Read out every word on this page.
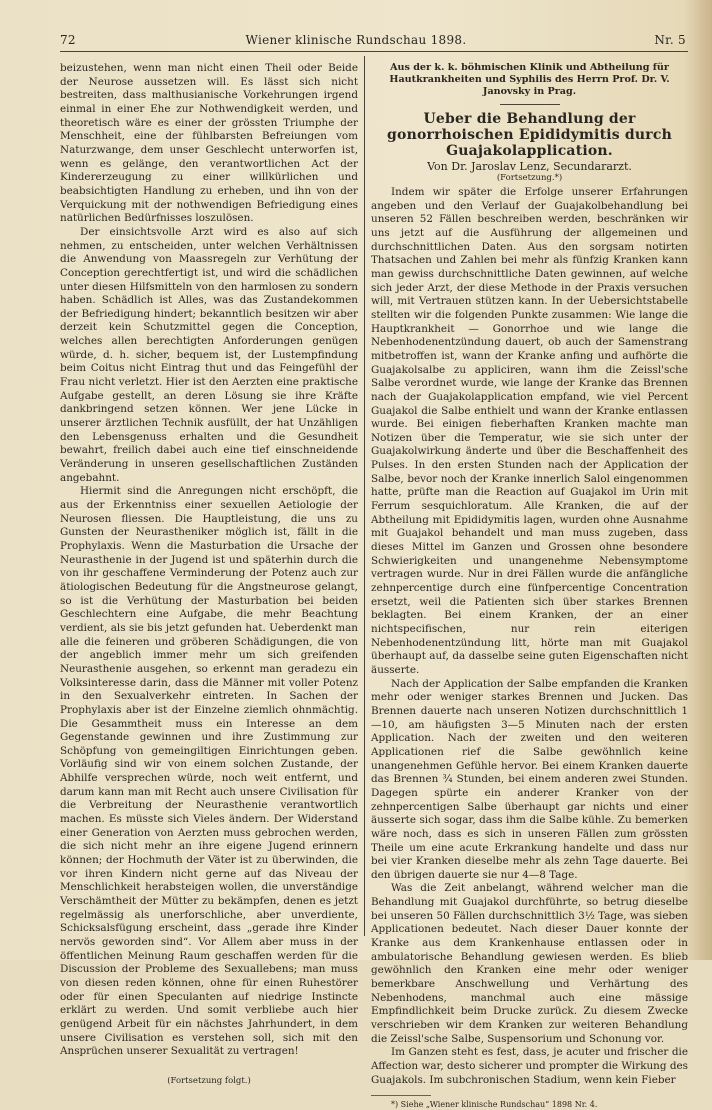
72	Wiener klinische Rundschau 1898.	Nr. 5

beizustehen, wenn man nicht einen Theil oder Beide der Neurose aussetzen will. Es lässt sich nicht bestreiten, dass malthusianische Vorkehrungen irgend einmal in einer Ehe zur Nothwendigkeit werden, und theoretisch wäre es einer der grössten Triumphe der Menschheit, eine der fühlbarsten Befreiungen vom Naturzwange, dem unser Geschlecht unterworfen ist, wenn es gelänge, den verantwortlichen Act der Kindererzeugung zu einer willkürlichen und beabsichtigten Handlung zu erheben, und ihn von der Verquickung mit der nothwendigen Befriedigung eines natürlichen Bedürfnisses loszulösen.

Der einsichtsvolle Arzt wird es also auf sich nehmen, zu entscheiden, unter welchen Verhältnissen die Anwendung von Maassregeln zur Verhütung der Conception gerechtfertigt ist, und wird die schädlichen unter diesen Hilfsmitteln von den harmlosen zu sondern haben. Schädlich ist Alles, was das Zustandekommen der Befriedigung hindert; bekanntlich besitzen wir aber derzeit kein Schutzmittel gegen die Conception, welches allen berechtigten Anforderungen genügen würde, d. h. sicher, bequem ist, der Lustempfindung beim Coitus nicht Eintrag thut und das Feingefühl der Frau nicht verletzt. Hier ist den Aerzten eine praktische Aufgabe gestellt, an deren Lösung sie ihre Kräfte dankbringend setzen können. Wer jene Lücke in unserer ärztlichen Technik ausfüllt, der hat Unzähligen den Lebensgenuss erhalten und die Gesundheit bewahrt, freilich dabei auch eine tief einschneidende Veränderung in unseren gesellschaftlichen Zuständen angebahnt.

Hiermit sind die Anregungen nicht erschöpft, die aus der Erkenntniss einer sexuellen Aetiologie der Neurosen fliessen. Die Hauptleistung, die uns zu Gunsten der Neurastheniker möglich ist, fällt in die Prophylaxis. Wenn die Masturbation die Ursache der Neurasthenie in der Jugend ist und späterhin durch die von ihr geschaffene Verminderung der Potenz auch zur ätiologischen Bedeutung für die Angstneurose gelangt, so ist die Verhütung der Masturbation bei beiden Geschlechtern eine Aufgabe, die mehr Beachtung verdient, als sie bis jetzt gefunden hat. Ueberdenkt man alle die feineren und gröberen Schädigungen, die von der angeblich immer mehr um sich greifenden Neurasthenie ausgehen, so erkennt man geradezu ein Volksinteresse darin, dass die Männer mit voller Potenz in den Sexualverkehr eintreten. In Sachen der Prophylaxis aber ist der Einzelne ziemlich ohnmächtig. Die Gesammtheit muss ein Interesse an dem Gegenstande gewinnen und ihre Zustimmung zur Schöpfung von gemeingiltigen Einrichtungen geben. Vorläufig sind wir von einem solchen Zustande, der Abhilfe versprechen würde, noch weit entfernt, und darum kann man mit Recht auch unsere Civilisation für die Verbreitung der Neurasthenie verantwortlich machen. Es müsste sich Vieles ändern. Der Widerstand einer Generation von Aerzten muss gebrochen werden, die sich nicht mehr an ihre eigene Jugend erinnern können; der Hochmuth der Väter ist zu überwinden, die vor ihren Kindern nicht gerne auf das Niveau der Menschlichkeit herabsteigen wollen, die unverständige Verschämtheit der Mütter zu bekämpfen, denen es jetzt regelmässig als unerforschliche, aber unverdiente, Schicksalsfügung erscheint, dass „gerade ihre Kinder nervös geworden sind“. Vor Allem aber muss in der öffentlichen Meinung Raum geschaffen werden für die Discussion der Probleme des Sexuallebens; man muss von diesen reden können, ohne für einen Ruhestörer oder für einen Speculanten auf niedrige Instincte erklärt zu werden. Und somit verbliebe auch hier genügend Arbeit für ein nächstes Jahrhundert, in dem unsere Civilisation es verstehen soll, sich mit den Ansprüchen unserer Sexualität zu vertragen!

(Fortsetzung folgt.)

Aus der k. k. böhmischen Klinik und Abtheilung für Hautkrankheiten und Syphilis des Herrn Prof. Dr. V. Janovsky in Prag.
Ueber die Behandlung der gonorrhoischen Epididymitis durch Guajakolapplication.
Von Dr. Jaroslav Lenz, Secundararzt.
(Fortsetzung.*)

Indem wir später die Erfolge unserer Erfahrungen angeben und den Verlauf der Guajakolbehandlung bei unseren 52 Fällen beschreiben werden, beschränken wir uns jetzt auf die Ausführung der allgemeinen und durchschnittlichen Daten. Aus den sorgsam notirten Thatsachen und Zahlen bei mehr als fünfzig Kranken kann man gewiss durchschnittliche Daten gewinnen, auf welche sich jeder Arzt, der diese Methode in der Praxis versuchen will, mit Vertrauen stützen kann. In der Uebersichtstabelle stellten wir die folgenden Punkte zusammen: Wie lange die Hauptkrankheit — Gonorrhoe und wie lange die Nebenhodenentzündung dauert, ob auch der Samenstrang mitbetroffen ist, wann der Kranke anfing und aufhörte die Guajakolsalbe zu appliciren, wann ihm die Zeissl'sche Salbe verordnet wurde, wie lange der Kranke das Brennen nach der Guajakolapplication empfand, wie viel Percent Guajakol die Salbe enthielt und wann der Kranke entlassen wurde. Bei einigen fieberhaften Kranken machte man Notizen über die Temperatur, wie sie sich unter der Guajakolwirkung änderte und über die Beschaffenheit des Pulses. In den ersten Stunden nach der Application der Salbe, bevor noch der Kranke innerlich Salol eingenommen hatte, prüfte man die Reaction auf Guajakol im Urin mit Ferrum sesquichloratum. Alle Kranken, die auf der Abtheilung mit Epididymitis lagen, wurden ohne Ausnahme mit Guajakol behandelt und man muss zugeben, dass dieses Mittel im Ganzen und Grossen ohne besondere Schwierigkeiten und unangenehme Nebensymptome vertragen wurde. Nur in drei Fällen wurde die anfängliche zehnpercentige durch eine fünfpercentige Concentration ersetzt, weil die Patienten sich über starkes Brennen beklagten. Bei einem Kranken, der an einer nichtspecifischen, nur rein eiterigen Nebenhodenentzündung litt, hörte man mit Guajakol überhaupt auf, da dasselbe seine guten Eigenschaften nicht äusserte.

Nach der Application der Salbe empfanden die Kranken mehr oder weniger starkes Brennen und Jucken. Das Brennen dauerte nach unseren Notizen durchschnittlich 1—10, am häufigsten 3—5 Minuten nach der ersten Application. Nach der zweiten und den weiteren Applicationen rief die Salbe gewöhnlich keine unangenehmen Gefühle hervor. Bei einem Kranken dauerte das Brennen ¾ Stunden, bei einem anderen zwei Stunden. Dagegen spürte ein anderer Kranker von der zehnpercentigen Salbe überhaupt gar nichts und einer äusserte sich sogar, dass ihm die Salbe kühle. Zu bemerken wäre noch, dass es sich in unseren Fällen zum grössten Theile um eine acute Erkrankung handelte und dass nur bei vier Kranken dieselbe mehr als zehn Tage dauerte. Bei den übrigen dauerte sie nur 4—8 Tage.

Was die Zeit anbelangt, während welcher man die Behandlung mit Guajakol durchführte, so betrug dieselbe bei unseren 50 Fällen durchschnittlich 3½ Tage, was sieben Applicationen bedeutet. Nach dieser Dauer konnte der Kranke aus dem Krankenhause entlassen oder in ambulatorische Behandlung gewiesen werden. Es blieb gewöhnlich den Kranken eine mehr oder weniger bemerkbare Anschwellung und Verhärtung des Nebenhodens, manchmal auch eine mässige Empfindlichkeit beim Drucke zurück. Zu diesem Zwecke verschrieben wir dem Kranken zur weiteren Behandlung die Zeissl'sche Salbe, Suspensorium und Schonung vor.

Im Ganzen steht es fest, dass, je acuter und frischer die Affection war, desto sicherer und prompter die Wirkung des Guajakols. Im subchronischen Stadium, wenn kein Fieber

*) Siehe „Wiener klinische Rundschau“ 1898 Nr. 4.
